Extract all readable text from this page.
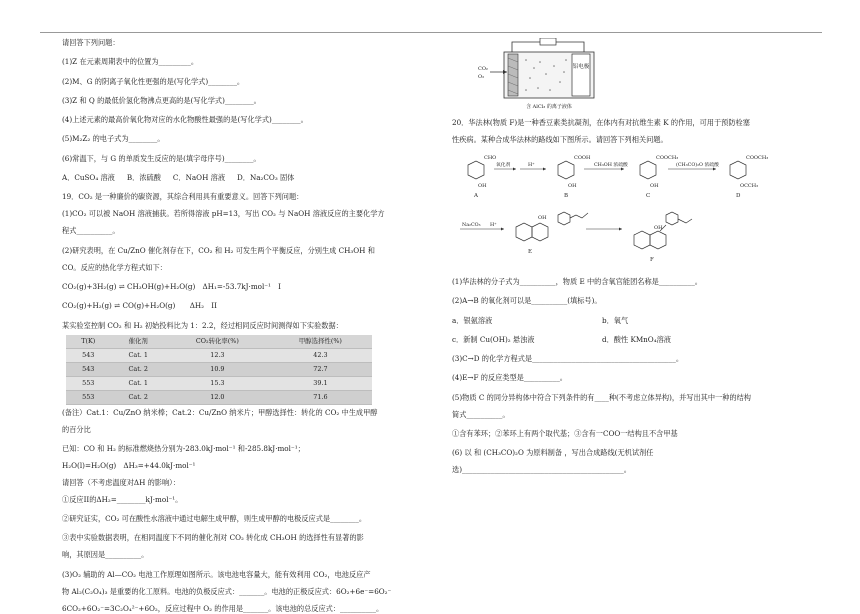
请回答下列问题：
(1)Z 在元素周期表中的位置为_________。
(2)M、G 的阴离子氧化性更强的是(写化学式)________。
(3)Z 和 Q 的最低价氢化物沸点更高的是(写化学式)________。
(4)上述元素的最高价氧化物对应的水化物酸性最强的是(写化学式)________。
(5)M₂Z₂ 的电子式为________。
(6)常温下，与 G 的单质发生反应的是(填字母序号)________。
A．CuSO₄ 溶液 B．浓硫酸 C．NaOH 溶液 D．Na₂CO₃ 固体
19．CO₂ 是一种廉价的碳资源，其综合利用具有重要意义。回答下列问题：
(1)CO₂ 可以被 NaOH 溶液捕获。若所得溶液 pH=13，写出 CO₂ 与 NaOH 溶液反应的主要化学方
程式__________。
(2)研究表明，在 Cu/ZnO 催化剂存在下，CO₂ 和 H₂ 可发生两个平衡反应，分别生成 CH₃OH 和
CO。反应的热化学方程式如下：
CO₂(g)+3H₂(g) ⇌ CH₃OH(g)+H₂O(g)　ΔH₁=-53.7kJ·mol⁻¹　I
CO₂(g)+H₂(g) ⇌ CO(g)+H₂O(g)　　ΔH₂　II
某实验室控制 CO₂ 和 H₂ 初始投料比为 1：2.2，经过相同反应时间测得如下实验数据：
T(K)	催化剂	CO₂转化率(%)	甲醇选择性(%)
543	Cat. 1	12.3	42.3
543	Cat. 2	10.9	72.7
553	Cat. 1	15.3	39.1
553	Cat. 2	12.0	71.6
(备注）Cat.1：Cu/ZnO 纳米棒；Cat.2：Cu/ZnO 纳米片；甲醇选择性：转化的 CO₂ 中生成甲醇
的百分比
已知：CO 和 H₂ 的标准燃烧热分别为-283.0kJ·mol⁻¹ 和-285.8kJ·mol⁻¹；
H₂O(l)=H₂O(g)　ΔH₃=+44.0kJ·mol⁻¹
请回答（不考虑温度对ΔH 的影响）：
①反应II的ΔH₂=________kJ·mol⁻¹。
②研究证实，CO₂ 可在酸性水溶液中通过电解生成甲醇，则生成甲醇的电极反应式是________。
③表中实验数据表明，在相同温度下不同的催化剂对 CO₂ 转化成 CH₃OH 的选择性有显著的影
响，其原因是__________。
(3)O₂ 辅助的 Al—CO₂ 电池工作原理如图所示。该电池电容量大，能有效利用 CO₂，电池反应产
物 Al₂(C₂O₄)₃ 是重要的化工原料。电池的负极反应式：_______。电池的正极反应式：6O₂+6e⁻=6O₂⁻
6CO₂+6O₂⁻=3C₂O₄²⁻+6O₂，反应过程中 O₂ 的作用是_______。该电池的总反应式：__________。
铝电极
CO₂
O₂
含 AlCl₃ 的离子液体
20．华法林(物质 F)是一种香豆素类抗凝剂，在体内有对抗维生素 K 的作用，可用于预防栓塞
性疾病。某种合成华法林的路线如下图所示。请回答下列相关问题。
CHO
OH
COOH
OH
COOCH₃
OH
COOCH₃
OCCH₃
氧化剂	H⁺	CH₃OH 浓硫酸	(CH₃CO)₂O 浓硫酸
A	B	C	D
Na₂CO₃ H⁺
OH
E
OH
F
(1)华法林的分子式为__________，物质 E 中的含氧官能团名称是__________。
(2)A→B 的氧化剂可以是__________(填标号)。
a．银氨溶液	b．氧气
c．新制 Cu(OH)₂ 悬浊液	d．酸性 KMnO₄溶液
(3)C→D 的化学方程式是________________________________________。
(4)E→F 的反应类型是__________。
(5)物质 C 的同分异构体中符合下列条件的有____种(不考虑立体异构)，并写出其中一种的结构
简式__________。
①含有苯环；②苯环上有两个取代基；③含有一COO一结构且不含甲基
(6) 以 和 (CH₃CO)₂O 为原料制备 ，写出合成路线(无机试剂任
选)_____________________________________________。
